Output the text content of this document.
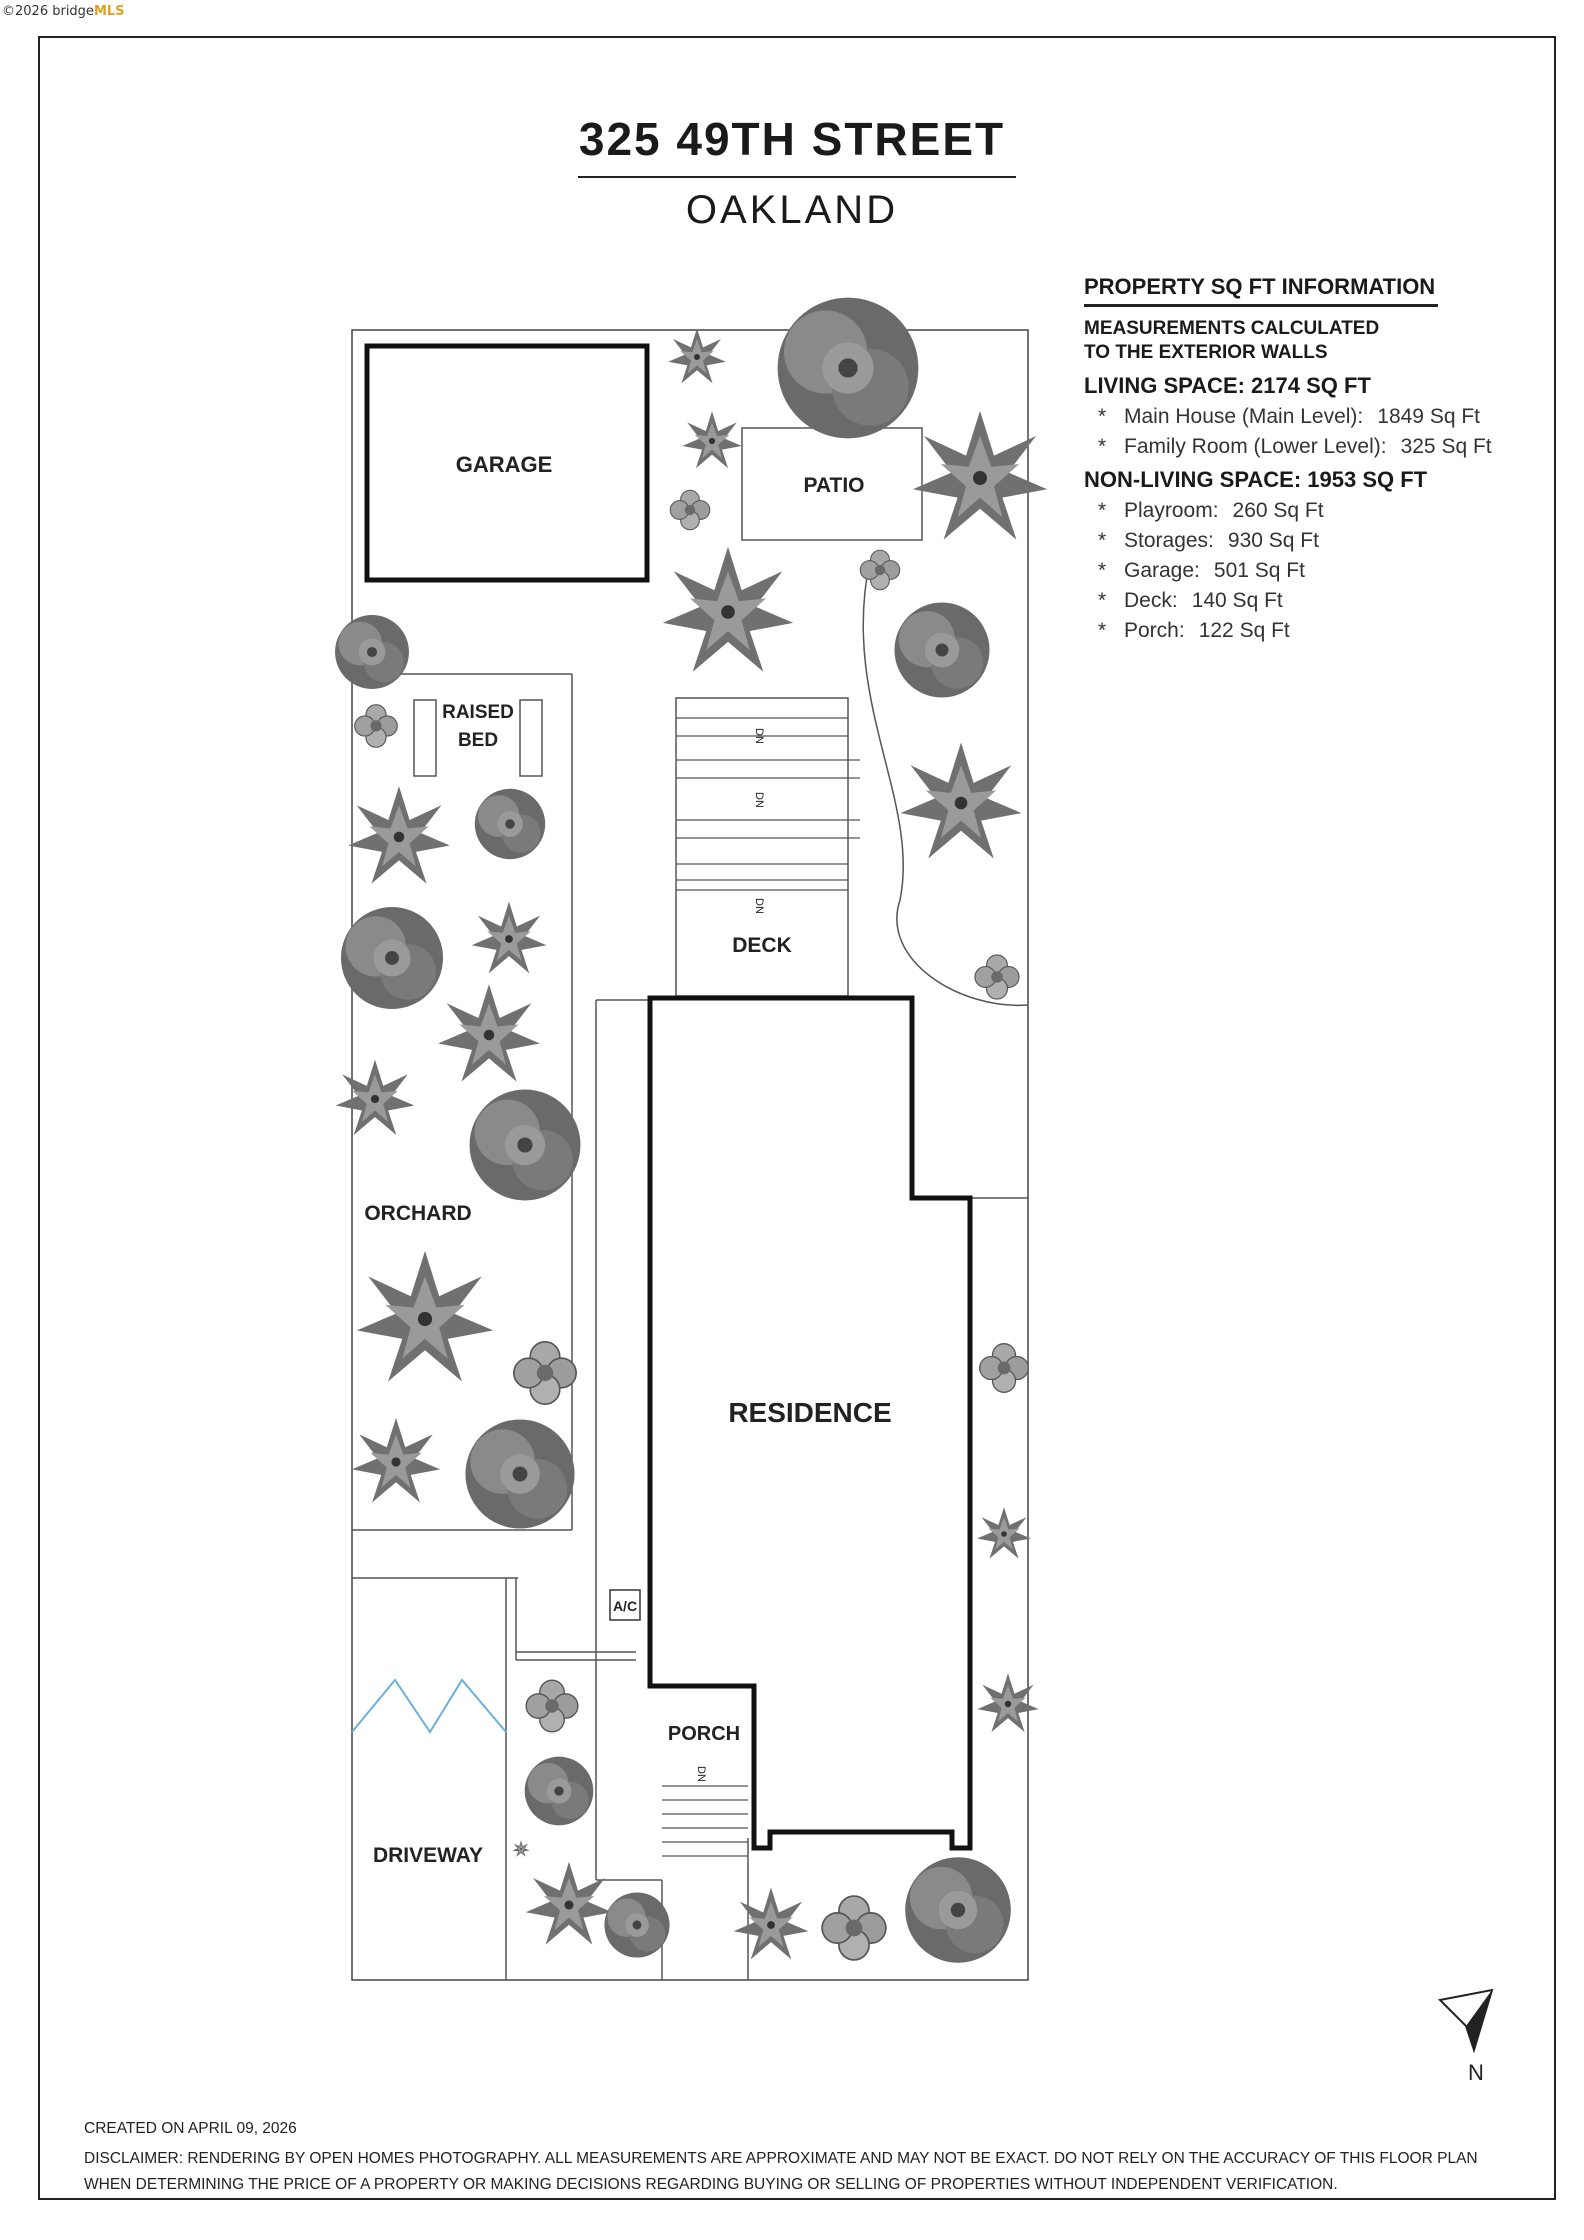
©2026 bridgeMLS
325 49TH STREET
OAKLAND
PROPERTY SQ FT INFORMATION
MEASUREMENTS CALCULATED
TO THE EXTERIOR WALLS
LIVING SPACE: 2174 SQ FT
* Main House (Main Level): 1849 Sq Ft
* Family Room (Lower Level): 325 Sq Ft
NON-LIVING SPACE: 1953 SQ FT
* Playroom: 260 Sq Ft
* Storages: 930 Sq Ft
* Garage: 501 Sq Ft
* Deck: 140 Sq Ft
* Porch: 122 Sq Ft
GARAGE
PATIO
RAISED
BED	DN
DN
DN
DECK
RESIDENCE
A/C
PORCH
DN
ORCHARD
DRIVEWAY
N
CREATED ON APRIL 09, 2026
DISCLAIMER: RENDERING BY OPEN HOMES PHOTOGRAPHY. ALL MEASUREMENTS ARE APPROXIMATE AND MAY NOT BE EXACT. DO NOT RELY ON THE ACCURACY OF THIS FLOOR PLAN
WHEN DETERMINING THE PRICE OF A PROPERTY OR MAKING DECISIONS REGARDING BUYING OR SELLING OF PROPERTIES WITHOUT INDEPENDENT VERIFICATION.
